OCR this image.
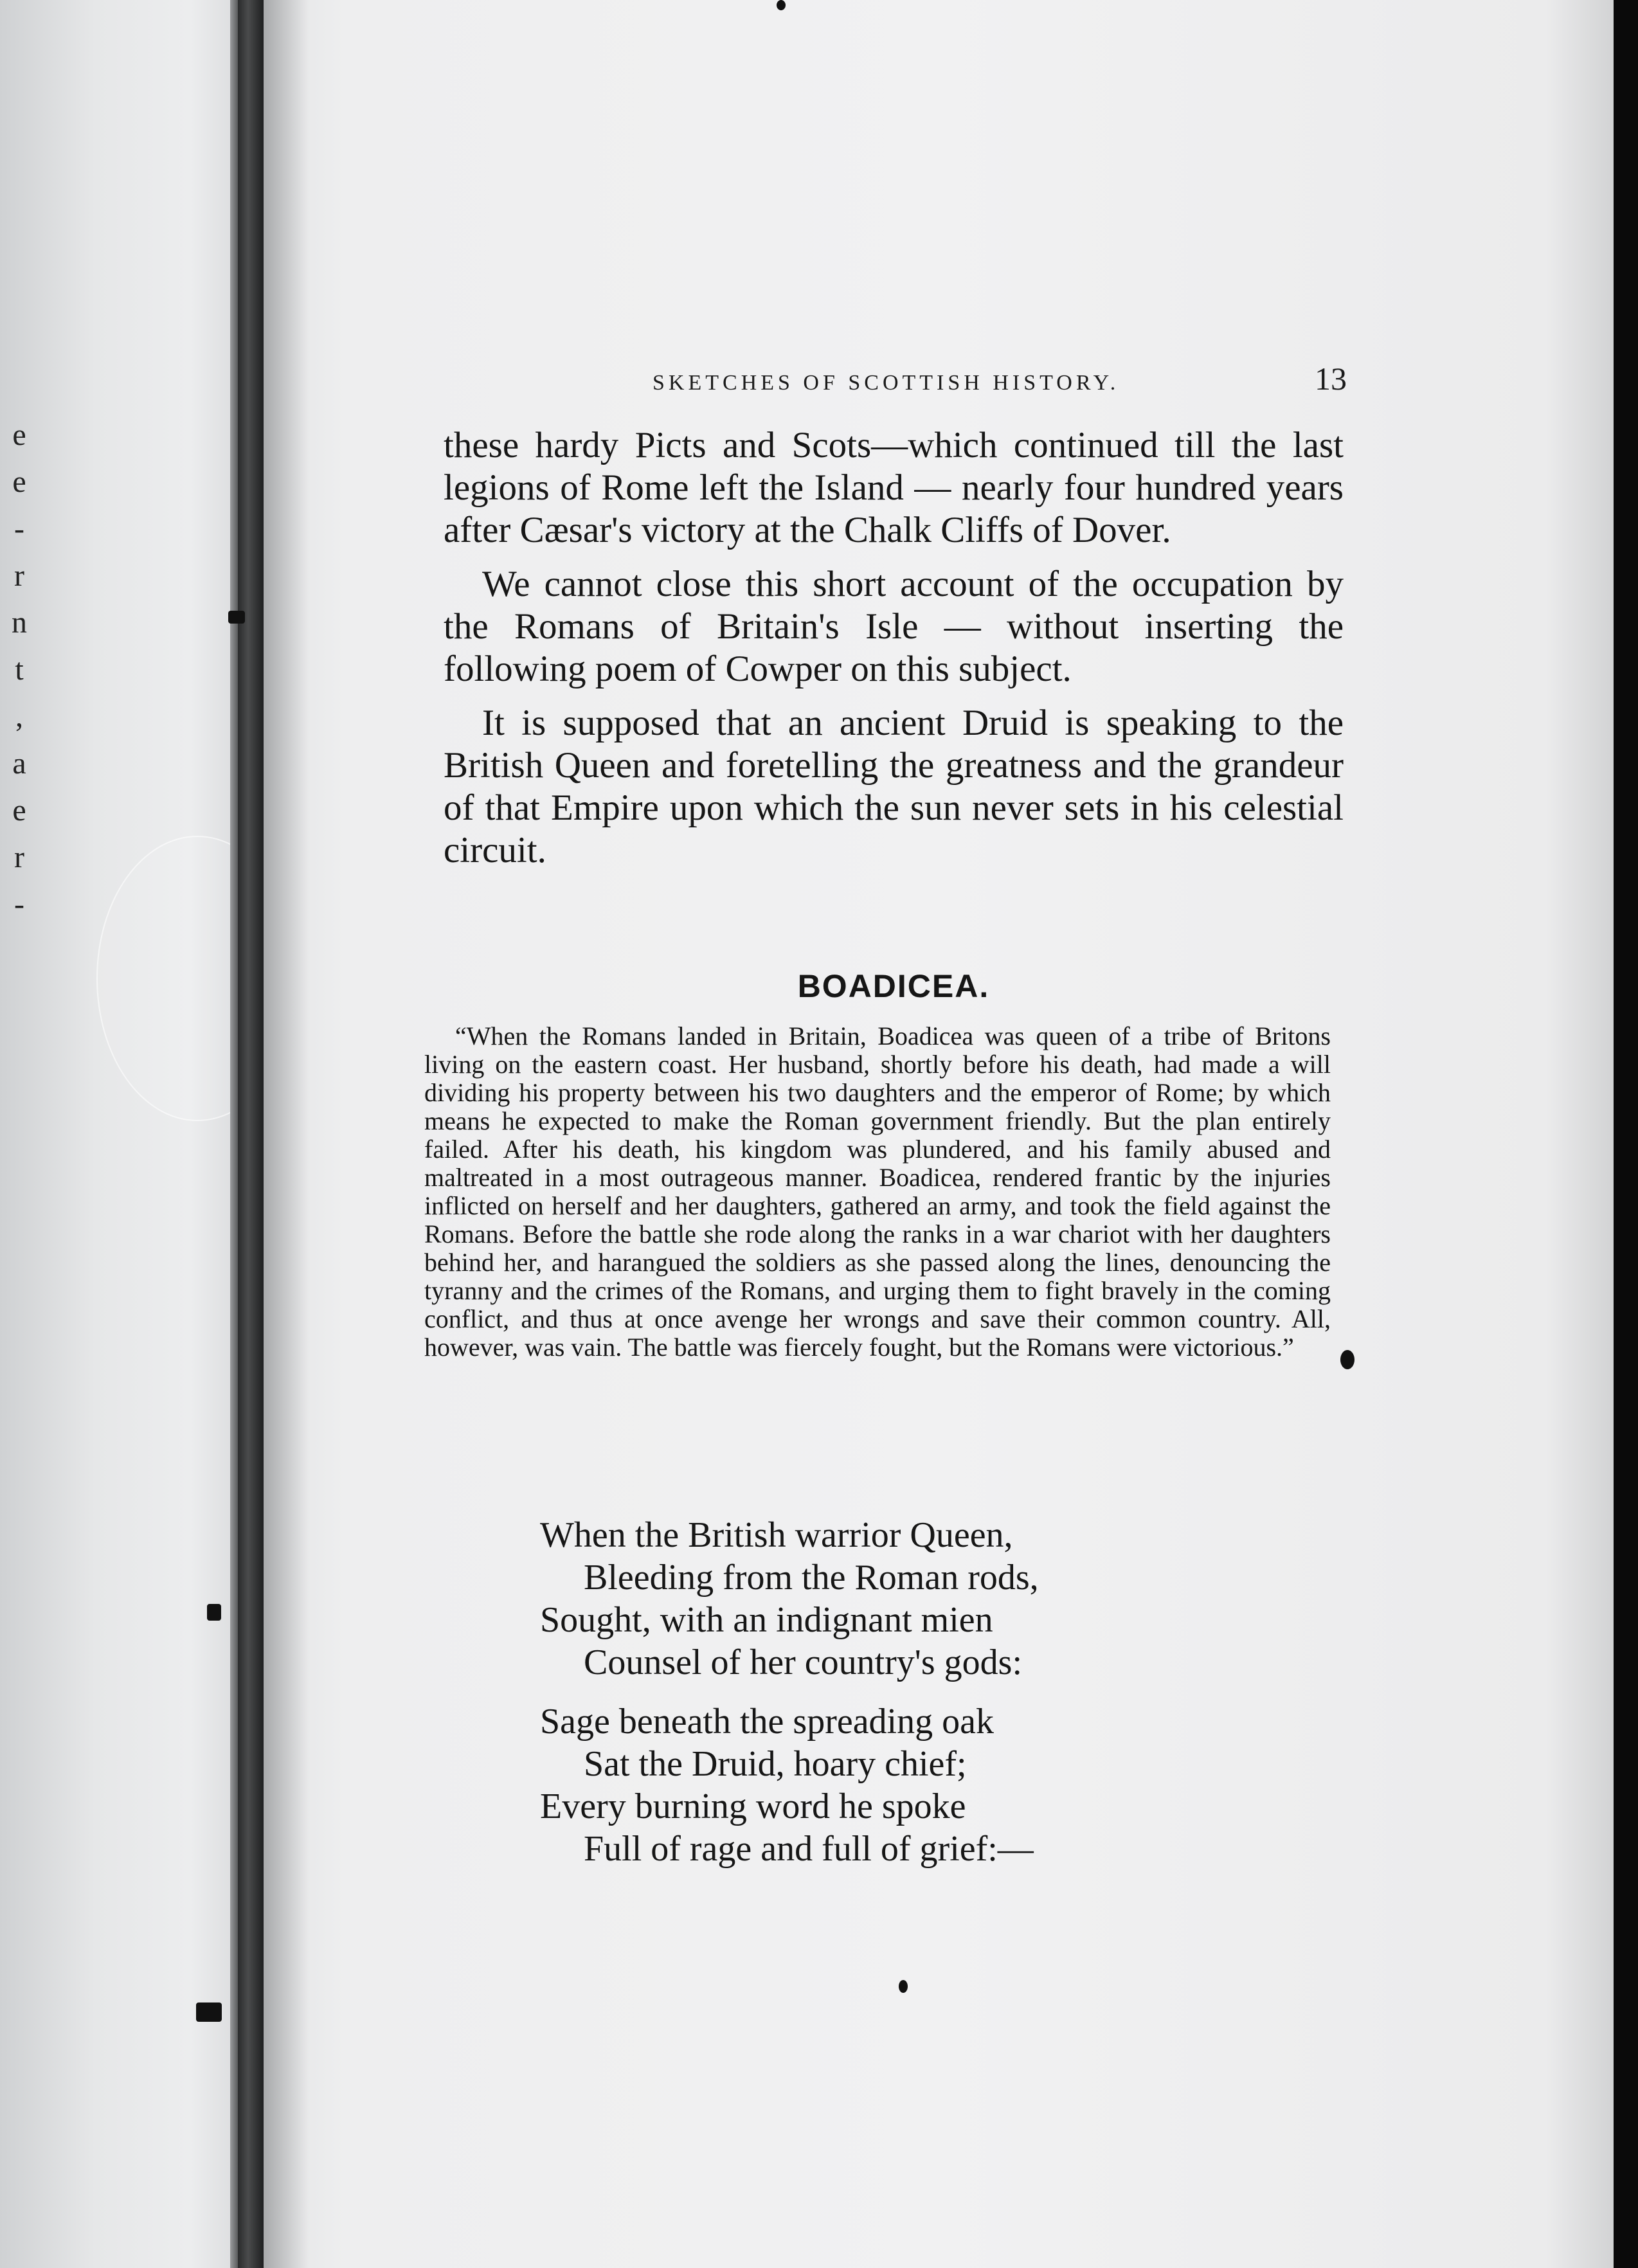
e
e
-
r
n
t
,
a
e
r
-
SKETCHES OF SCOTTISH HISTORY.	13

these hardy Picts and Scots—which continued till the last legions of Rome left the Island — nearly four hundred years after Cæsar's victory at the Chalk Cliffs of Dover.

We cannot close this short account of the occupation by the Romans of Britain's Isle — without inserting the following poem of Cowper on this subject.

It is supposed that an ancient Druid is speaking to the British Queen and foretelling the greatness and the grandeur of that Empire upon which the sun never sets in his celestial circuit.

BOADICEA.
“When the Romans landed in Britain, Boadicea was queen of a tribe of Britons living on the eastern coast. Her husband, shortly before his death, had made a will dividing his property between his two daughters and the emperor of Rome; by which means he expected to make the Roman government friendly. But the plan entirely failed. After his death, his kingdom was plundered, and his family abused and maltreated in a most outrageous manner. Boadicea, rendered frantic by the injuries inflicted on herself and her daughters, gathered an army, and took the field against the Romans. Before the battle she rode along the ranks in a war chariot with her daughters behind her, and harangued the soldiers as she passed along the lines, denouncing the tyranny and the crimes of the Romans, and urging them to fight bravely in the coming conflict, and thus at once avenge her wrongs and save their common country. All, however, was vain. The battle was fiercely fought, but the Romans were victorious.”
When the British warrior Queen,
Bleeding from the Roman rods,
Sought, with an indignant mien
Counsel of her country's gods:
Sage beneath the spreading oak
Sat the Druid, hoary chief;
Every burning word he spoke
Full of rage and full of grief:—
